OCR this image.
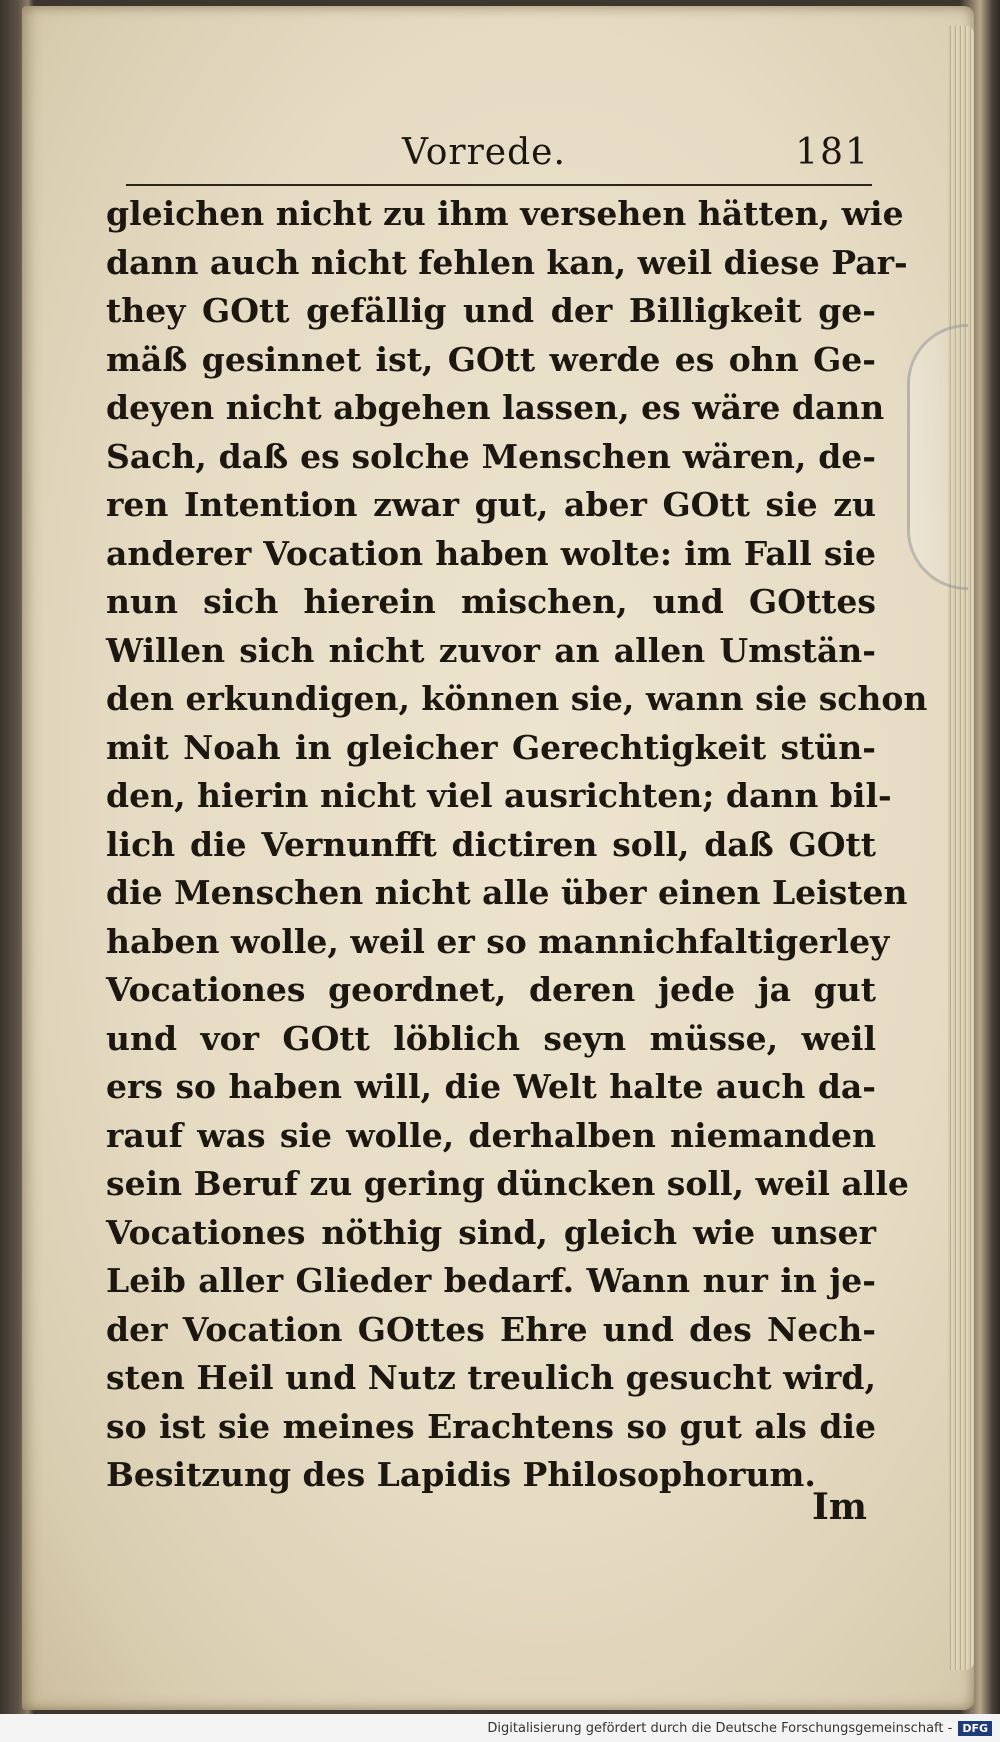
Vorrede.	181
gleichen nicht zu ihm versehen hätten, wie
dann auch nicht fehlen kan, weil diese Par-
they GOtt gefällig und der Billigkeit ge-
mäß gesinnet ist, GOtt werde es ohn Ge-
deyen nicht abgehen lassen, es wäre dann
Sach, daß es solche Menschen wären, de-
ren Intention zwar gut, aber GOtt sie zu
anderer Vocation haben wolte: im Fall sie
nun sich hierein mischen, und GOttes
Willen sich nicht zuvor an allen Umstän-
den erkundigen, können sie, wann sie schon
mit Noah in gleicher Gerechtigkeit stün-
den, hierin nicht viel ausrichten; dann bil-
lich die Vernunfft dictiren soll, daß GOtt
die Menschen nicht alle über einen Leisten
haben wolle, weil er so mannichfaltigerley
Vocationes geordnet, deren jede ja gut
und vor GOtt löblich seyn müsse, weil
ers so haben will, die Welt halte auch da-
rauf was sie wolle, derhalben niemanden
sein Beruf zu gering düncken soll, weil alle
Vocationes nöthig sind, gleich wie unser
Leib aller Glieder bedarf. Wann nur in je-
der Vocation GOttes Ehre und des Nech-
sten Heil und Nutz treulich gesucht wird,
so ist sie meines Erachtens so gut als die
Besitzung des Lapidis Philosophorum.
Im
Digitalisierung gefördert durch die Deutsche Forschungsgemeinschaft - DFG
